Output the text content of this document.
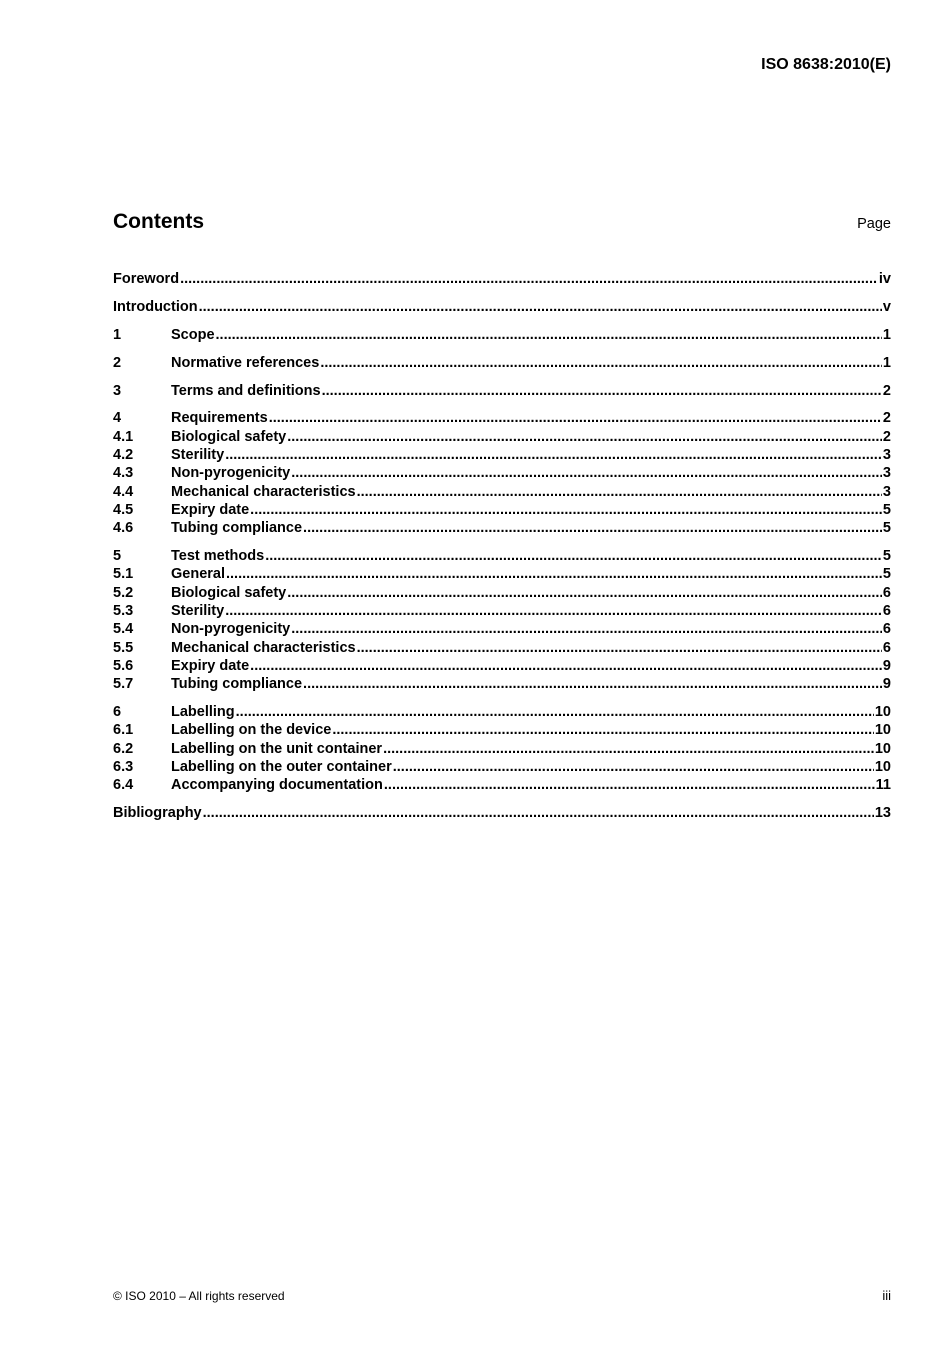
ISO 8638:2010(E)
Contents	Page
Foreword .....	iv
Introduction .....	v
1	Scope .....	1
2	Normative references .....	1
3	Terms and definitions .....	2
4	Requirements .....	2
4.1	Biological safety .....	2
4.2	Sterility .....	3
4.3	Non-pyrogenicity .....	3
4.4	Mechanical characteristics .....	3
4.5	Expiry date .....	5
4.6	Tubing compliance .....	5
5	Test methods .....	5
5.1	General .....	5
5.2	Biological safety .....	6
5.3	Sterility .....	6
5.4	Non-pyrogenicity .....	6
5.5	Mechanical characteristics .....	6
5.6	Expiry date .....	9
5.7	Tubing compliance .....	9
6	Labelling .....	10
6.1	Labelling on the device .....	10
6.2	Labelling on the unit container .....	10
6.3	Labelling on the outer container .....	10
6.4	Accompanying documentation .....	11
Bibliography .....	13
© ISO 2010 – All rights reserved	iii
